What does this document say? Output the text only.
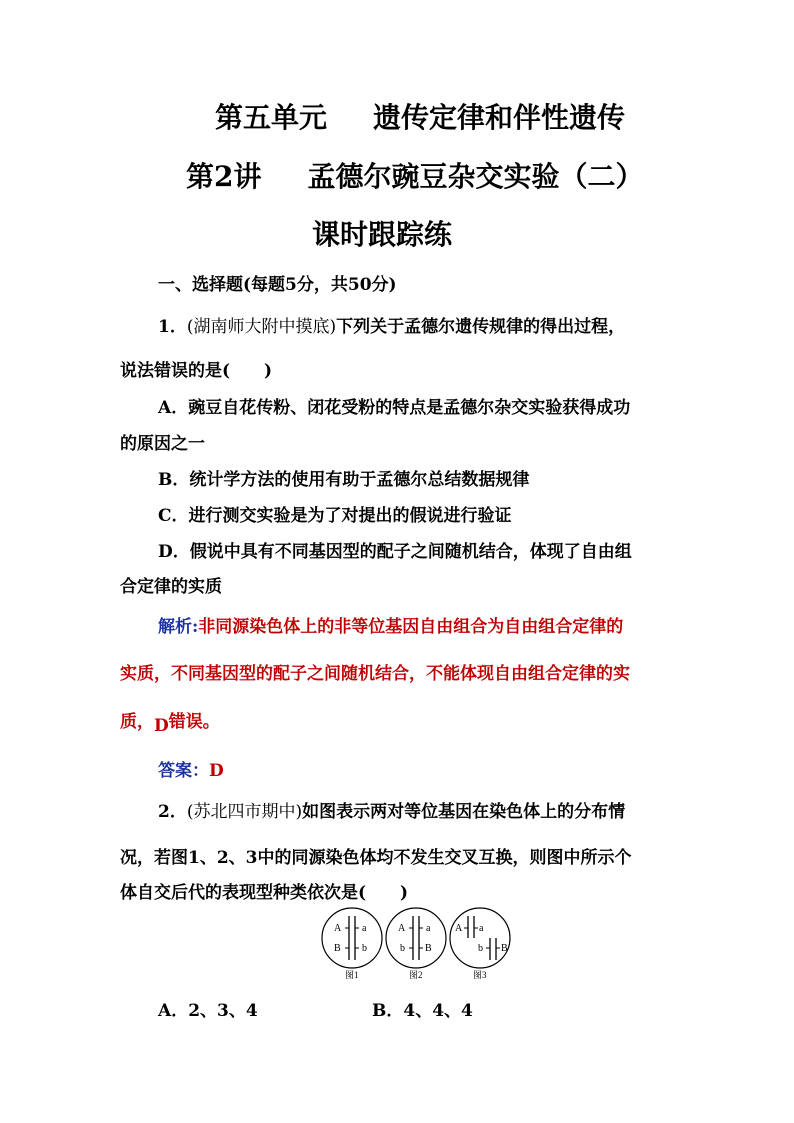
第五单元 遗传定律和伴性遗传
第2讲 孟德尔豌豆杂交实验（二）
课时跟踪练
一、选择题(每题5分，共50分)
1．(湖南师大附中摸底)下列关于孟德尔遗传规律的得出过程，
说法错误的是(　　)
A．豌豆自花传粉、闭花受粉的特点是孟德尔杂交实验获得成功
的原因之一
B．统计学方法的使用有助于孟德尔总结数据规律
C．进行测交实验是为了对提出的假说进行验证
D．假说中具有不同基因型的配子之间随机结合，体现了自由组
合定律的实质
解析:非同源染色体上的非等位基因自由组合为自由组合定律的
实质，不同基因型的配子之间随机结合，不能体现自由组合定律的实
质，D错误。
答案：D
2．(苏北四市期中)如图表示两对等位基因在染色体上的分布情
况，若图1、2、3中的同源染色体均不发生交叉互换，则图中所示个
体自交后代的表现型种类依次是(　　)
A a
B b
图1
A a
b B
图2
A a
b B
图3
A．2、3、4	B．4、4、4
